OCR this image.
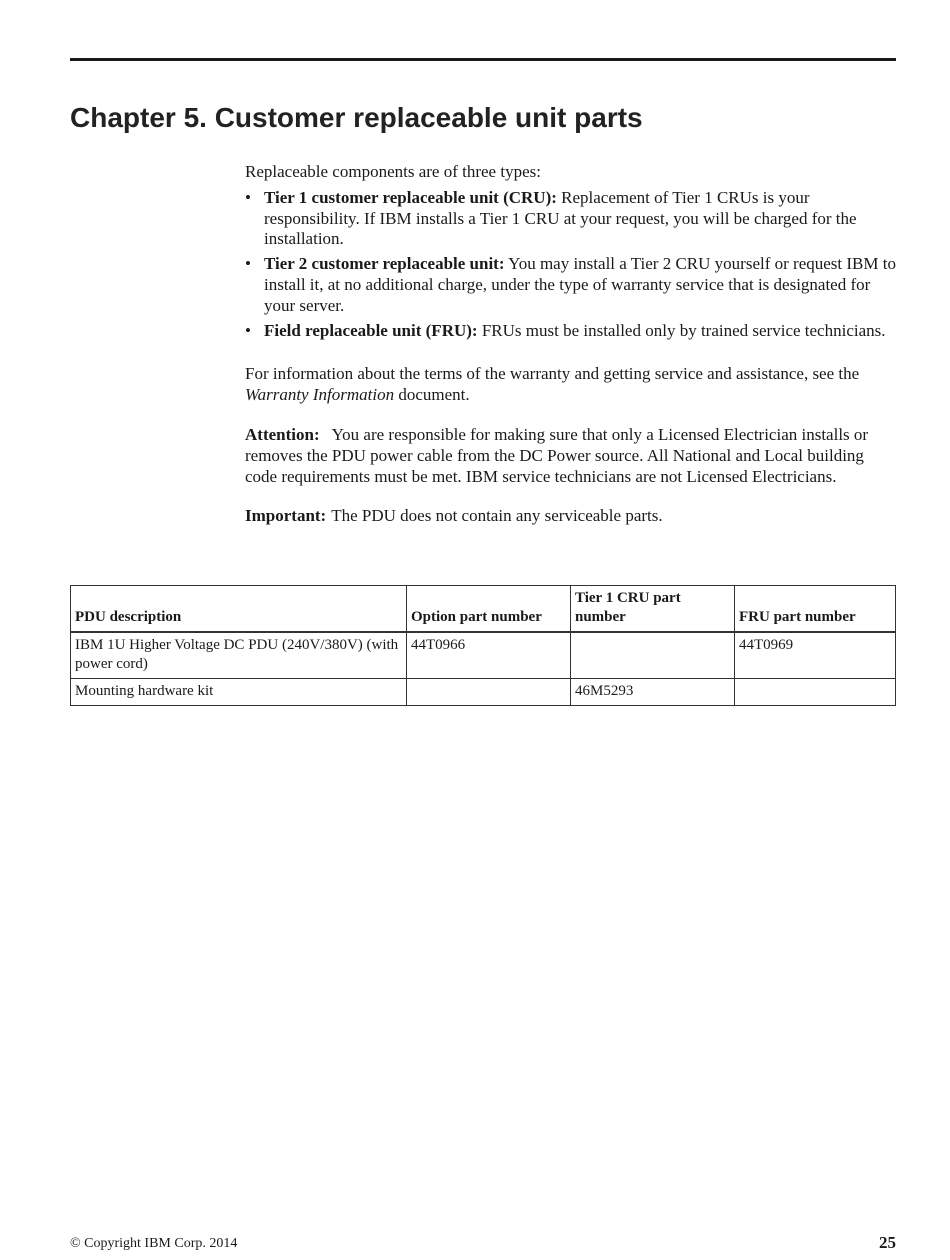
Chapter 5. Customer replaceable unit parts

Replaceable components are of three types:

• Tier 1 customer replaceable unit (CRU): Replacement of Tier 1 CRUs is your responsibility. If IBM installs a Tier 1 CRU at your request, you will be charged for the installation.
• Tier 2 customer replaceable unit: You may install a Tier 2 CRU yourself or request IBM to install it, at no additional charge, under the type of warranty service that is designated for your server.
• Field replaceable unit (FRU): FRUs must be installed only by trained service technicians.

For information about the terms of the warranty and getting service and assistance, see the Warranty Information document.

Attention: You are responsible for making sure that only a Licensed Electrician installs or removes the PDU power cable from the DC Power source. All National and Local building code requirements must be met. IBM service technicians are not Licensed Electricians.

Important: The PDU does not contain any serviceable parts.

PDU description	Option part number	Tier 1 CRU part number	FRU part number
IBM 1U Higher Voltage DC PDU (240V/380V) (with power cord)	44T0966		44T0969
Mounting hardware kit		46M5293	
© Copyright IBM Corp. 2014	25
